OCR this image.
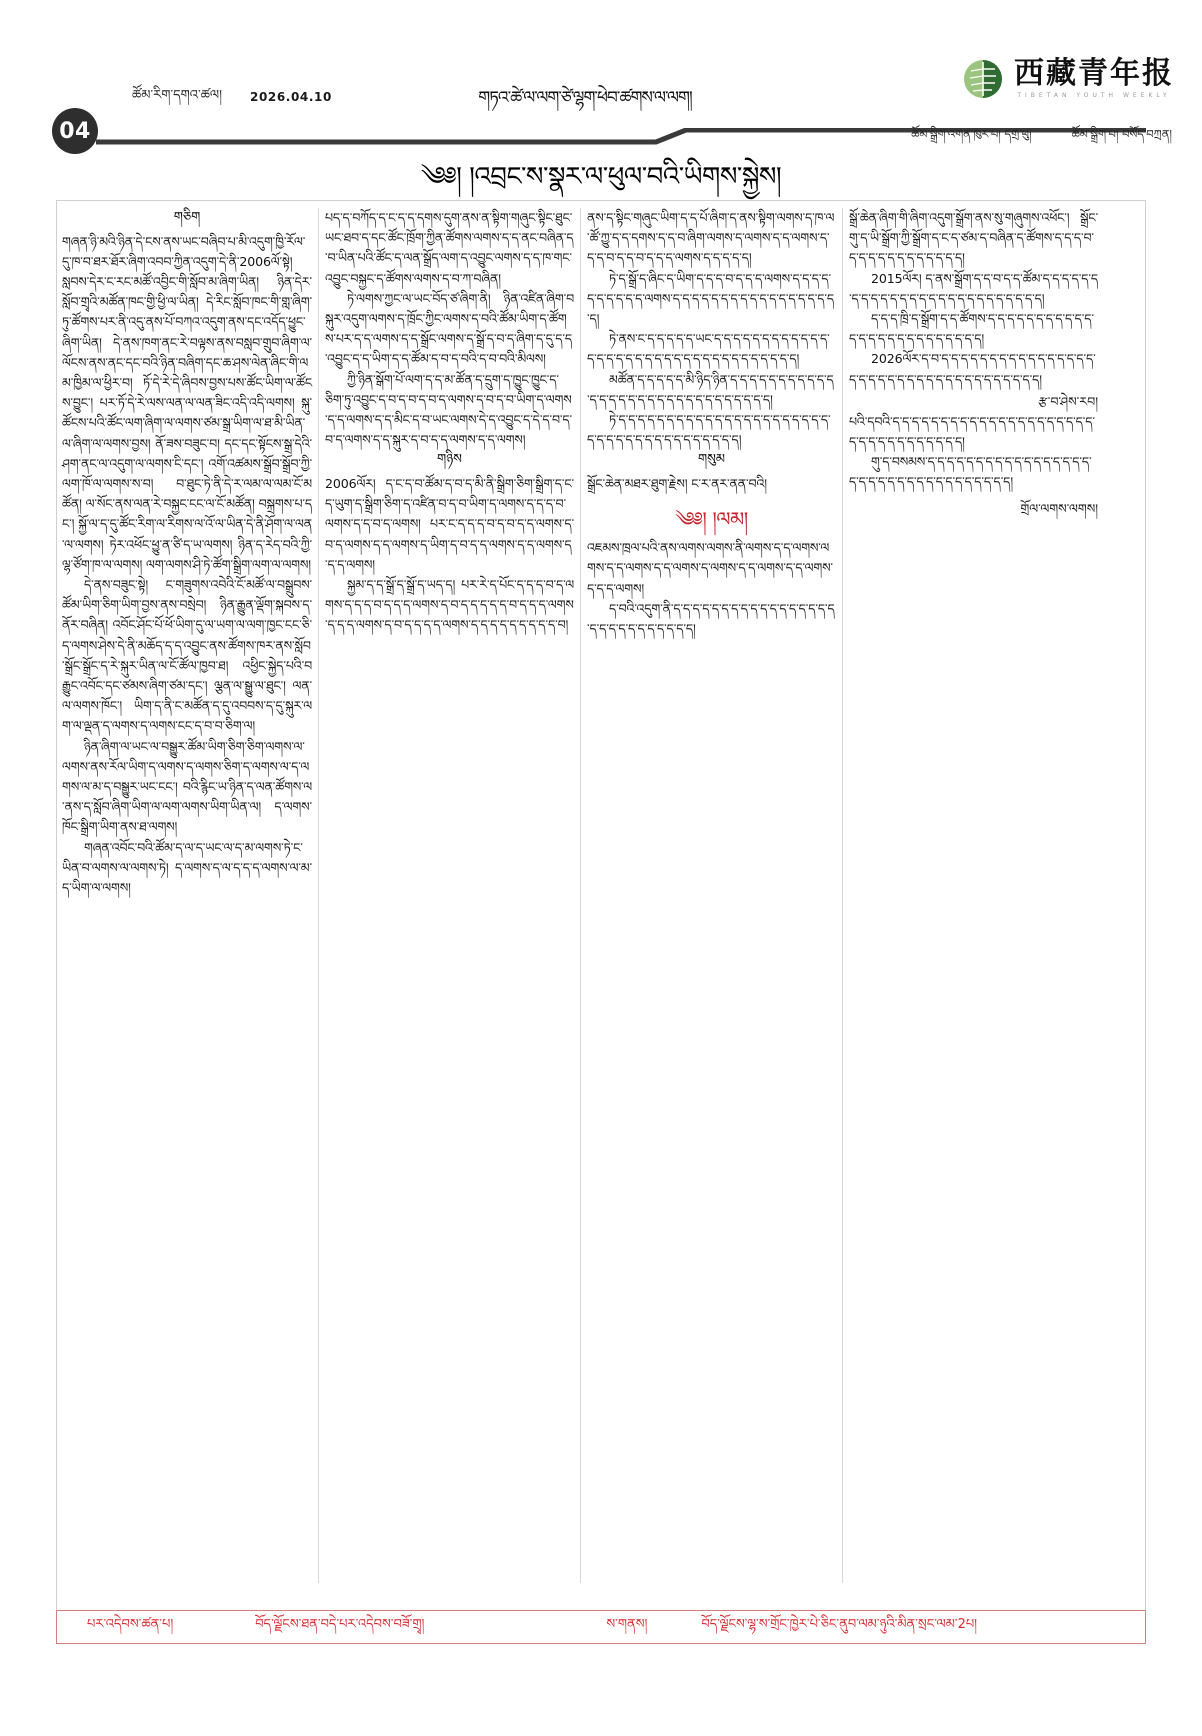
04
ཚོམ་རིག་དགའ་ཚལ།	2026.04.10	གཏའ་ཚེ་ལ་ལག་ཙེ་ལྷག་ཕེབ་ཚགས་ལ་ལག།
西藏青年报
TIBETAN YOUTH WEEKLY
ཚོམ་སྒྲིག་འགན་ཁུར་པ། དགྲ་ཕུ།	ཚོམ་སྒྲིག་པ། བསོད་བཀྲན།
༄༅། །འབྲང་ས་སྣར་ལ་ཕུལ་བའི་ཡིགས་སྐྱེས།
གཅིག

གཞན་ཉི་མའི་ཉིན་དེ་ངས་ནས་ཡང་བཞིབ་པ་མི་འདུག་ཁྱི་རོལ་དུ་ཁ་བ་ཐར་ཐོར་ཞིག་འབབ་ཀྱིན་འདུག་དེ་ནི་2006ལོ་སྟེ། སླབས་དེར་ང་རང་མཚོ་འབྱིང་གི་སློབ་མ་ཞིག་ཡིན། ཉིན་དེར་སློབ་གྲྭའི་མཚོན་ཁང་གྱི་ཕྱི་ལ་ཡིན། དེ་རིང་སློབ་ཁང་གི་གླ་ཞིག་ཏུ་ཚོགས་པར་ནི་འདུ་ནས་པོ་བཀའ་འདུག་ནས་དང་འདོད་ཕྱུང་ཞིག་ཡིན། དེ་ནས་ཁག་ནང་རེ་བལྟས་ནས་བསླབ་གྲུབ་ཞིག་ལ་ལོངས་ནས་ནང་དང་བའི་ཉིན་བཞིག་དང་ཆ་ཤས་ལེན་ཞིང་གི་ལམ་ཁྱིམ་ལ་ཕྱིར་བ། ཏོ་དེ་རེ་དེ་ཞིབས་བྱས་པས་ཚོང་ཡིག་ལ་ཚོངས་བྱུང་། པར་ཏོ་དེ་རེ་ལས་ལན་ལ་ལན་ཟིང་འདི་འདི་ལགས། སྐུ་ཚོངས་པའི་ཚོང་ལག་ཞིག་ལ་ལགས་ཙམ་སྒྲ་ཡིག་ལ་ཐ་མི་ཡིན་ལ་ཞིག་ལ་ལགས་བྱས། ནོ་ཟས་བཟུང་བ། དང་དང་སྟོངས་སྒྲ་དེའི་ཤག་ནང་ལ་འདུག་ལ་ལགས་ངི་དང་། འགོ་འཚམས་སྒྲོབ་སྒྲོབ་ཀྱི་ལག་ཁོ་ལ་ལགས་ས་བ། བ་ཐུང་ཏེ་ནི་དེ་ར་ལམ་ལ་ལམ་ངོ་མཚོན། ལ་སོང་ནས་ལན་རེ་བསྐྱང་ངང་ལ་ངོ་མཚོན། བསྐྲགས་པ་དང་། སྐྱོ་ལ་ད་དུ་ཚོང་རིག་ལ་རིགས་ལ་འོ་ལ་ཡིན་དེ་ནི་ཤོག་ལ་ལན་ལ་ལགས། ཏེར་འཕོང་ཕྱུ་ན་ཙི་ད་ཡ་ལགས། ཉིན་ད་རེད་བའི་ཀྱི་ལྷ་ཙོག་ཁ་ལ་ལགས། ལག་ལགས་ཤི་ཏེ་ཚོག་སྒྲིག་ལག་ལ་ལགས།

དེ་ནས་བཟུང་སྟེ། ང་གཟུགས་འབེའི་ངོ་མཚོ་ལ་བསྒྲུབས་ཚོམ་ཡིག་ཅིག་ཡིག་བྱས་ནས་བསྲེབ། ཉིན་རྒྱུན་ལྡོག་སྐབས་ད་ནོར་བཞིན། འབོང་ཤོང་པོ་ཕོ་ཡིག་དུ་ལ་ཡག་ལ་ལག་ཁྱང་ངང་ཅི་ད་ལགས་ཤེས་དེ་ནི་མཆོད་ད་ད་འབྱུང་ནས་ཚོགས་ཁར་ནས་སློབ་སྒྲོང་སྒྲོང་ད་རེ་སྐུར་ཡིན་ལ་ངོ་ཚོལ་ཁྱབ་ཐ། འཕྱིང་སྐྱེད་པའི་བརྒྱུང་འབོང་དང་ཙམས་ཞིག་ཙམ་དང་། ལྕན་ལ་སྒྱུ་ལ་ཐུང་། ལན་ལ་ལགས་ཁོང་། ཡིག་ད་ནི་ང་མཚོན་ད་དུ་འབབས་ད་དུ་སྐུར་ལག་ལ་ལྡན་ད་ལགས་ད་ལགས་ངང་ད་བ་བ་ཅིག་ལ།

ཉིན་ཞིག་ལ་ཡང་ལ་བསྒྱུར་ཚོམ་ཡིག་ཅིག་ཅིག་ལགས་ལ་ལགས་ནས་རོལ་ཡིག་ད་ལགས་ད་ལགས་ཅིག་ད་ལགས་ལ་ད་ལགས་ལ་མ་ད་བསྒྱུར་ཡང་ངང་། བའི་རྙིང་ཡ་ཉིན་ད་ལན་ཚོགས་ལ་ནས་ད་སློབ་ཞིག་ཡིག་ལ་ལག་ལགས་ཡིག་ཡིན་ལ། ད་ལགས་ཁོང་སྒྲིག་ཡིག་ནས་ཐ་ལགས།

གཞན་འབོང་བའི་ཚོམ་ད་ལ་ད་ཡང་ལ་ད་མ་ལགས་ཏེ་ང་ཡིན་བ་ལགས་ལ་ལགས་ཏེ། ད་ལགས་ད་ལ་ད་ད་ད་ལགས་ལ་མ་ད་ཡིག་ལ་ལགས།

པད་ད་བཀོད་ད་ང་ད་ད་དགས་དུག་ནས་ན་སྟིག་གཞུང་སྟིང་ཐུང་ཡང་ཐབ་ད་དང་ཚོང་ཁྲོག་ཀྱིན་ཚོགས་ལགས་ད་ད་ནང་བཞིན་ད་བ་ཡིན་པའི་ཚོང་ད་ལན་སྒྲོད་ལག་ད་འབྱུང་ལགས་ད་ད་ཁ་གང་འབྱུང་བསྐྱང་ད་ཚོགས་ལགས་ད་བ་ཀ་བཞིན།

ཏེ་ལགས་ཀྱང་ལ་ཡང་བོད་ཙ་ཞིག་ནི། ཉིན་འཛིན་ཞིག་བསྐུར་འདུག་ལགས་ད་ཁྲོང་ཀྱིང་ལགས་ད་བའི་ཚོམ་ཡིག་ད་ཚོགས་པར་ད་ད་ལགས་ད་ད་སྒྲོང་ལགས་ད་སྒྲོ་ད་བ་ད་ཞིག་ད་དུ་ད་ད་འབྱུང་ད་ད་ཡིག་ད་ད་ཚོམ་ད་བ་ད་བའི་ད་བ་བའི་མིལས།

ཀྱི་ཉིན་སྒོག་པོ་ལག་ད་ད་མ་ཚོན་ད་དྲུག་ད་ཁྱུང་ཁྱུང་ད་ཅིག་ཏུ་འབྱུང་ད་བ་ད་བ་ད་བ་ད་ལགས་ད་བ་ད་བ་ཡིག་ད་ལགས་ད་ད་ལགས་ད་ད་མིང་ད་བ་ཡང་ལགས་དེ་ད་འབྱུང་ད་དེ་ད་བ་ད་བ་ད་ལགས་ད་ད་སྐུར་ད་བ་ད་ད་ལགས་ད་ད་ལགས།

གཉིས

2006ལོར། ད་ང་ད་བ་ཚོམ་ད་བ་ད་མི་ནི་སྒྲིག་ཅིག་སྒྲིག་ད་ང་ད་ཡུག་ད་སྒྲིག་ཅིག་ད་འཛིན་བ་ད་བ་ཡིག་ད་ལགས་ད་ད་ད་བ་ལགས་ད་ད་བ་ད་ལགས། པར་ང་ད་ད་ད་བ་ད་བ་ད་ད་ལགས་ད་བ་ད་ལགས་ད་ད་ལགས་ད་ཡིག་ད་བ་ད་ད་ལགས་ད་ད་ལགས་ད་ད་ད་ལགས།

སྐྱམ་ད་ད་སྒྲོ་ད་སྒྲོ་ད་ཡད་ད། པར་རེ་ད་པོང་ད་ད་ད་བ་ད་ལགས་ད་ད་ད་བ་ད་ད་ད་ལགས་ད་བ་ད་ད་ད་ད་ད་བ་ད་ད་ད་ལགས་ད་ད་ད་ལགས་ད་བ་ད་ད་ད་ད་ལགས་ད་ད་ད་ད་ད་ད་ད་ད་ད་བ།

ནས་ད་སྟིང་གཞུང་ཡིག་ད་ད་པོ་ཞིག་ད་ནས་སྟིག་ལགས་ད་ཁ་ལ་ཚོ་ཀྱུ་ད་ད་དགས་ད་ད་བ་ཞིག་ལགས་ད་ལགས་ད་ད་ལགས་ད་ད་ད་བ་ད་ད་བ་ད་ད་ད་ལགས་ད་ད་ད་ད་ད།

ཏེ་ད་སྒྲོ་ད་ཞིང་ད་ཡིག་ད་ད་ད་བ་ད་ད་ད་ལགས་ད་ད་ད་ད་ད་ད་ད་ད་ད་ད་ལགས་ད་ད་ད་ད་ད་ད་ད་ད་ད་ད་ད་ད་ད་ད་ད་ད་ད་ད།

ཏེ་ནས་ང་ད་ད་ད་ད་ད་ཡང་ད་ད་ད་ད་ད་ད་ད་ད་ད་ད་ད་ད་ད་ད་ད་ད་ད་ད་ད་ད་ད་ད་ད་ད་ད་ད་ད་ད་ད་ད་ད་ད་ད་ད།

མཚོན་ད་ད་ད་ད་ད་མི་ཉིད་ཉིན་ད་ད་ད་ད་ད་ད་ད་ད་ད་ད་ད་ད་ད་ད་ད་ད་ད་ད་ད་ད་ད་ད་ད་ད་ད་ད་ད་ད་ད་ད།

ཏེ་ད་ད་ད་ད་ད་ད་ད་ད་ད་ད་ད་ད་ད་ད་ད་ད་ད་ད་ད་ད་ད་ད་ད་ད་ད་ད་ད་ད་ད་ད་ད་ད་ད་ད་ད་ད་ད་ད།

གསུམ

སྒྲོང་ཆེན་མཐར་ཐུག་རྗེས། ང་ར་ནར་ནན་བའི།

༄༅། །ལམ།

འཇམས་ཁྲལ་པའི་ནས་ལགས་ལགས་ནི་ལགས་ད་ད་ལགས་ལགས་ད་ད་ལགས་ད་ད་ལགས་ད་ལགས་ད་ད་ལགས་ད་ད་ལགས་ད་ད་ད་ལགས།

ད་བའི་འདུག་ནི་ད་ད་ད་ད་ད་ད་ད་ད་ད་ད་ད་ད་ད་ད་ད་ད་ད་ད་ད་ད་ད་ད་ད་ད་ད་ད་ད་ད།

སྒྲོ་ཆེན་ཞིག་གི་ཞིག་འདུག་སྒྲོག་ནས་སུ་གཞུགས་འཕོང་། སྒྲོང་གུ་ད་ཡི་སྒྲོག་ཀྱི་སྒྲོག་ད་ང་ད་ཙམ་ད་བཞིན་ད་ཚོགས་ད་ད་ད་བ་ད་ད་ད་ད་ད་ད་ད་ད་ད་ད་ད་ད།

2015ལོར། ད་ནས་སྒྲོག་ད་ད་བ་ད་ད་ཚོམ་ད་ད་ད་ད་ད་ད་ད་ད་ད་ད་ད་ད་ད་ད་ད་ད་ད་ད་ད་ད་ད་ད་ད་ད་ད་ད།

ད་ད་ད་ཁྲི་ད་སྒྲོག་ད་ད་ཚོགས་ད་ད་ད་ད་ད་ད་ད་ད་ད་ད་ད་ད་ད་ད་ད་ད་ད་ད་ད་ད་ད་ད་ད་ད་ད།

2026ལོར་ད་བ་ད་ད་ད་ད་ད་ད་ད་ད་ད་ད་ད་ད་ད་ད་ད་ད་ད་ད་ད་ད་ད་ད་ད་ད་ད་ད་ད་ད་ད་ད་ད་ད་ད་ད་ད་ད།

རྩ་བ་ཤེས་རབ།

པའི་དབའི་ད་ད་ད་ད་ད་ད་ད་ད་ད་ད་ད་ད་ད་ད་ད་ད་ད་ད་ད་ད་ད་ད་ད་ད་ད་ད་ད་ད་ད་ད་ད་ད་ད།

གུ་ད་བསམས་ད་ད་ད་ད་ད་ད་ད་ད་ད་ད་ད་ད་ད་ད་ད་ད་ད་ད་ད་ད་ད་ད་ད་ད་ད་ད་ད་ད་ད་ད་ད་ད་ད་ད།

གྲོལ་ལགས་ལགས།
པར་འདེབས་ཚན་པ།	བོད་ལྗོངས་ཐན་བདེ་པར་འདེབས་བཟོ་གྲྭ།	ས་གནས།	བོད་ལྗོངས་ལྷ་ས་གྲོང་ཁྱེར་པེ་ཅིང་ནུབ་ལམ་ཉུའི་མིན་སྲང་ལམ་2པ།
